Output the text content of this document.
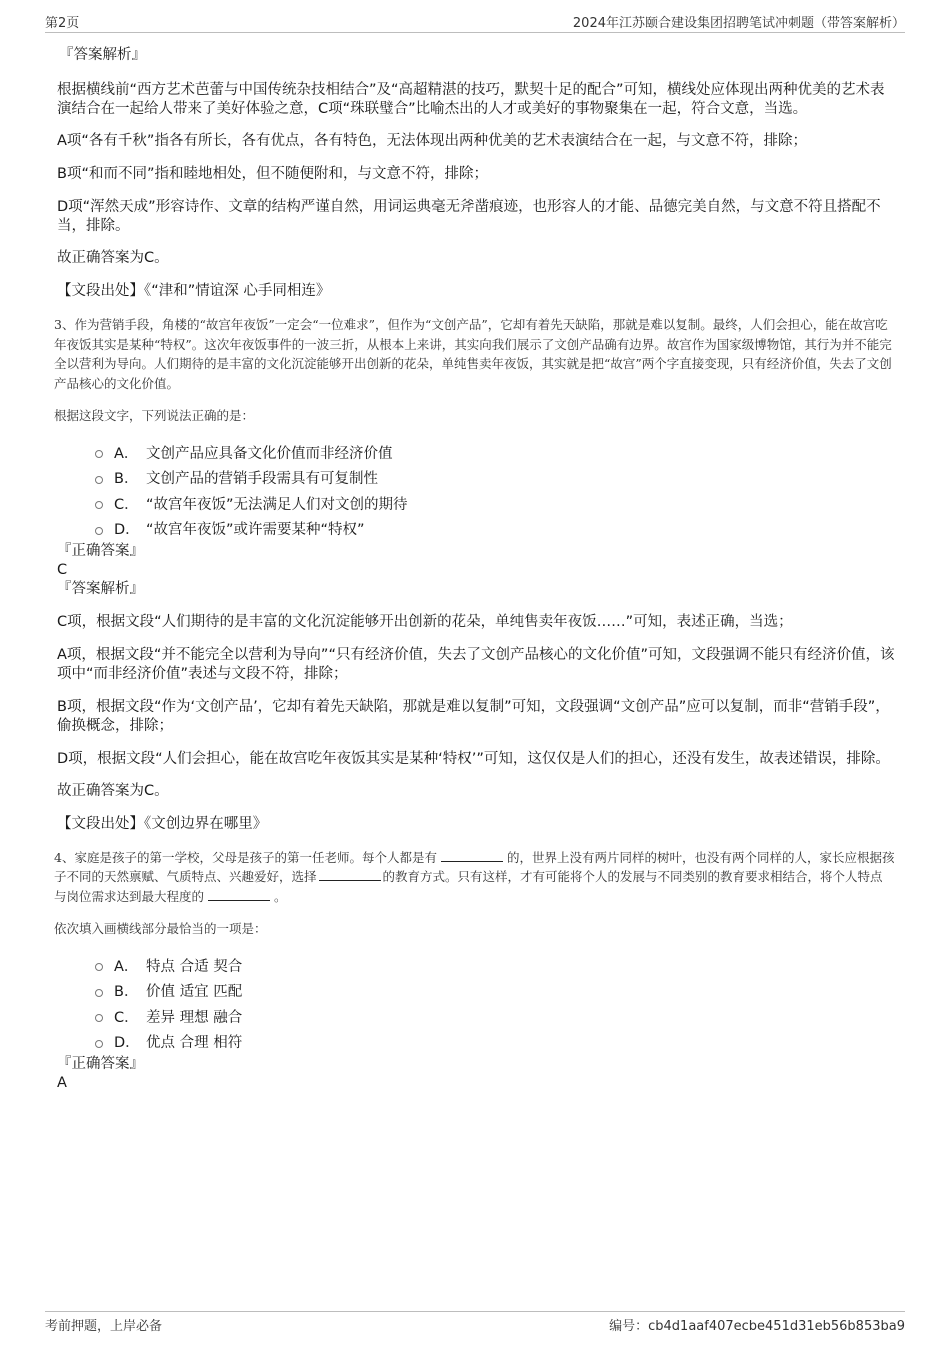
第2页	2024年江苏颐合建设集团招聘笔试冲刺题（带答案解析）
『答案解析』

根据横线前“西方艺术芭蕾与中国传统杂技相结合”及“高超精湛的技巧，默契十足的配合”可知，横线处应体现出两种优美的艺术表演结合在一起给人带来了美好体验之意，C项“珠联璧合”比喻杰出的人才或美好的事物聚集在一起，符合文意，当选。

A项“各有千秋”指各有所长，各有优点，各有特色，无法体现出两种优美的艺术表演结合在一起，与文意不符，排除；

B项“和而不同”指和睦地相处，但不随便附和，与文意不符，排除；

D项“浑然天成”形容诗作、文章的结构严谨自然，用词运典毫无斧凿痕迹，也形容人的才能、品德完美自然，与文意不符且搭配不当，排除。

故正确答案为C。

【文段出处】《“津和”情谊深 心手同相连》

3、作为营销手段，角楼的“故宫年夜饭”一定会“一位难求”，但作为“文创产品”，它却有着先天缺陷，那就是难以复制。最终，人们会担心，能在故宫吃年夜饭其实是某种“特权”。这次年夜饭事件的一波三折，从根本上来讲，其实向我们展示了文创产品确有边界。故宫作为国家级博物馆，其行为并不能完全以营利为导向。人们期待的是丰富的文化沉淀能够开出创新的花朵，单纯售卖年夜饭，其实就是把“故宫”两个字直接变现，只有经济价值，失去了文创产品核心的文化价值。

根据这段文字，下列说法正确的是：

A． 文创产品应具备文化价值而非经济价值
B． 文创产品的营销手段需具有可复制性
C． “故宫年夜饭”无法满足人们对文创的期待
D． “故宫年夜饭”或许需要某种“特权”
『正确答案』
C
『答案解析』

C项，根据文段“人们期待的是丰富的文化沉淀能够开出创新的花朵，单纯售卖年夜饭……”可知，表述正确，当选；

A项，根据文段“并不能完全以营利为导向”“只有经济价值，失去了文创产品核心的文化价值”可知，文段强调不能只有经济价值，该项中“而非经济价值”表述与文段不符，排除；

B项，根据文段“作为‘文创产品’，它却有着先天缺陷，那就是难以复制”可知，文段强调“文创产品”应可以复制，而非“营销手段”，偷换概念，排除；

D项，根据文段“人们会担心，能在故宫吃年夜饭其实是某种‘特权’”可知，这仅仅是人们的担心，还没有发生，故表述错误，排除。

故正确答案为C。

【文段出处】《文创边界在哪里》

4、家庭是孩子的第一学校，父母是孩子的第一任老师。每个人都是有	的，世界上没有两片同样的树叶，也没有两个同样的人，家长应根据孩子不同的天然禀赋、气质特点、兴趣爱好，选择	的教育方式。只有这样，才有可能将个人的发展与不同类别的教育要求相结合，将个人特点与岗位需求达到最大程度的	。

依次填入画横线部分最恰当的一项是：

A． 特点 合适 契合
B． 价值 适宜 匹配
C． 差异 理想 融合
D． 优点 合理 相符
『正确答案』
A
考前押题，上岸必备	编号：cb4d1aaf407ecbe451d31eb56b853ba9
